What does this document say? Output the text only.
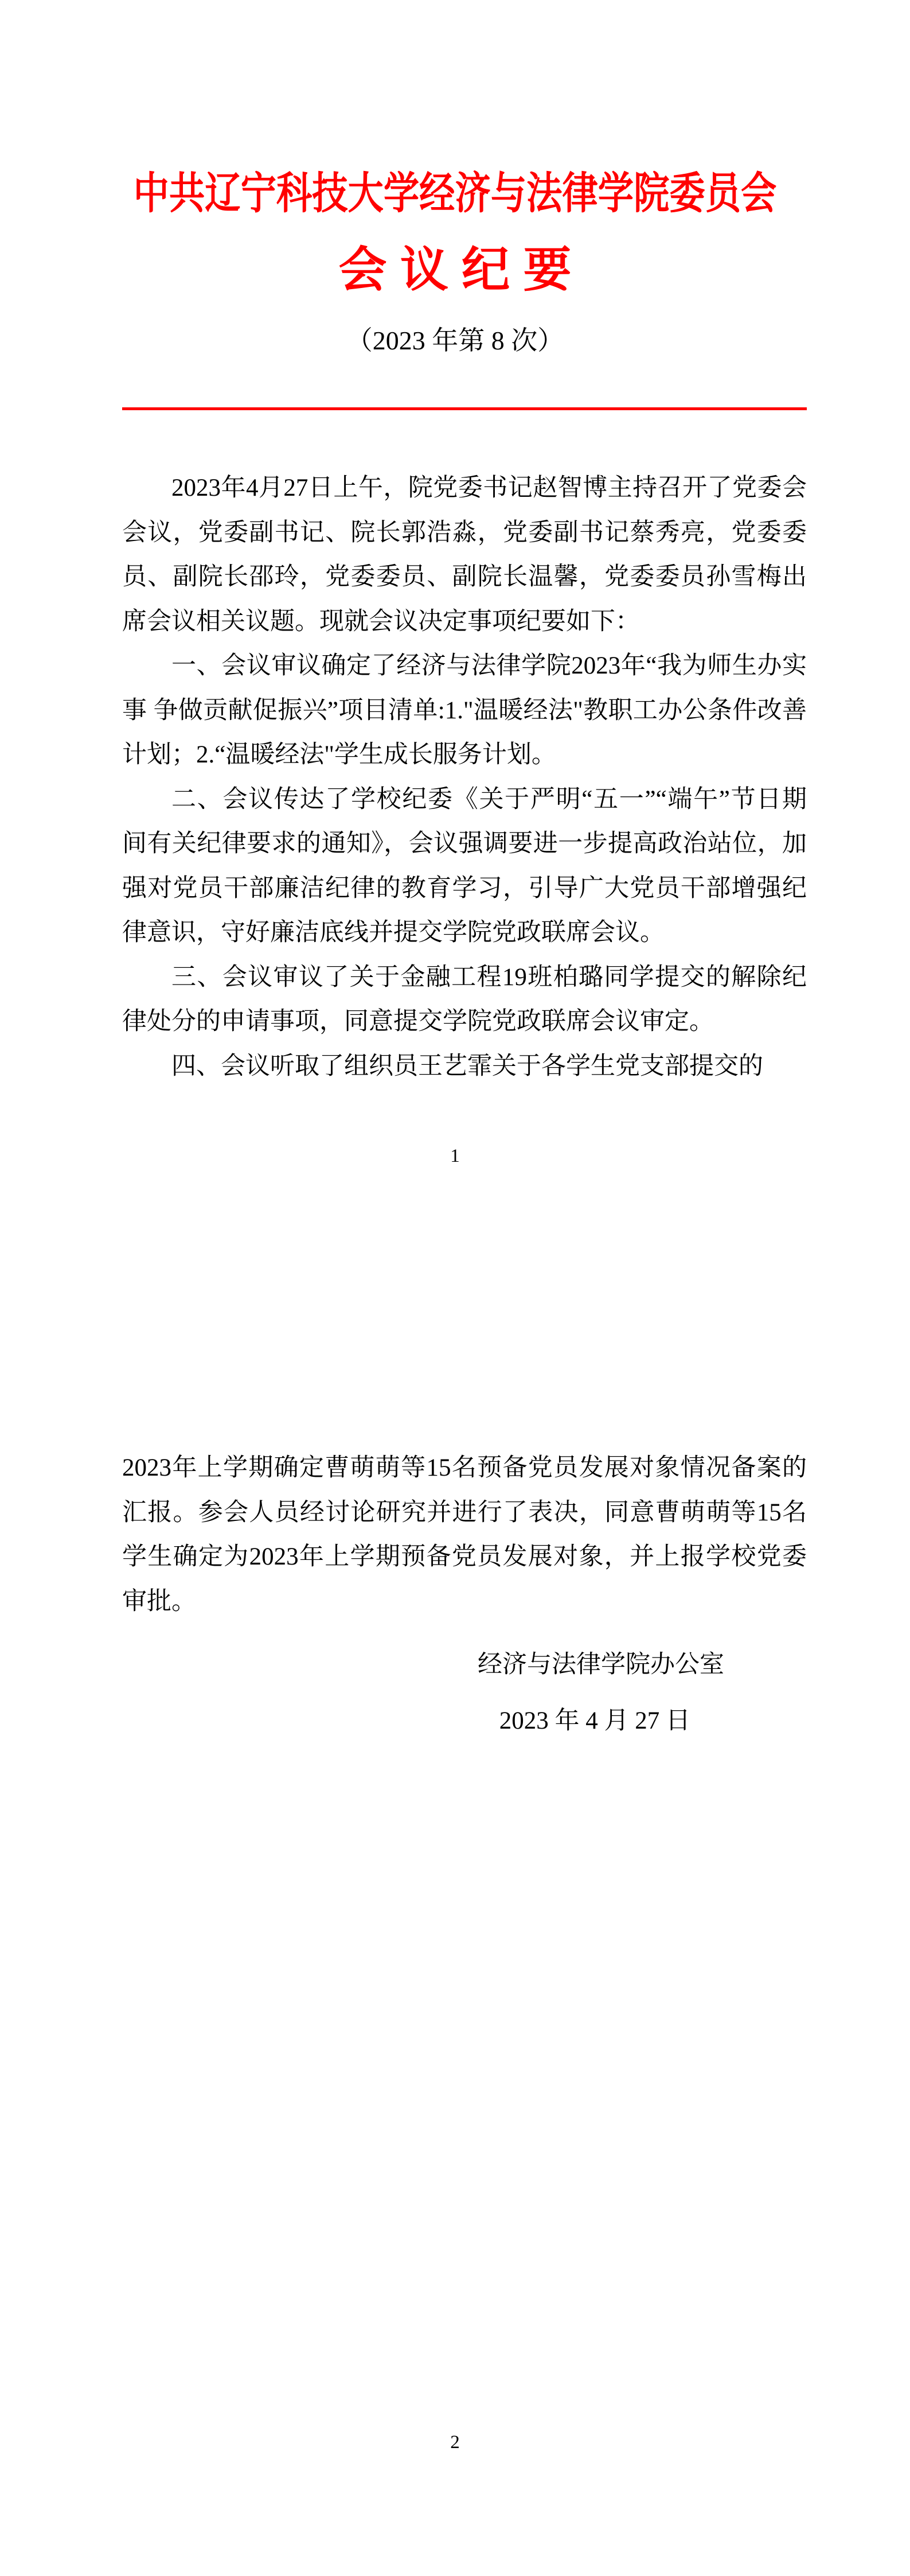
中共辽宁科技大学经济与法律学院委员会
会 议 纪 要
（2023 年第 8 次）

2023年4月27日上午，院党委书记赵智博主持召开了党委会会议，党委副书记、院长郭浩淼，党委副书记蔡秀亮，党委委员、副院长邵玲，党委委员、副院长温馨，党委委员孙雪梅出席会议相关议题。现就会议决定事项纪要如下：

一、会议审议确定了经济与法律学院2023年“我为师生办实事 争做贡献促振兴”项目清单:1."温暖经法"教职工办公条件改善计划；2.“温暖经法"学生成长服务计划。

二、会议传达了学校纪委《关于严明“五一”“端午”节日期间有关纪律要求的通知》，会议强调要进一步提高政治站位，加强对党员干部廉洁纪律的教育学习，引导广大党员干部增强纪律意识，守好廉洁底线并提交学院党政联席会议。

三、会议审议了关于金融工程19班柏璐同学提交的解除纪律处分的申请事项，同意提交学院党政联席会议审定。

四、会议听取了组织员王艺霏关于各学生党支部提交的

1

2023年上学期确定曹萌萌等15名预备党员发展对象情况备案的汇报。参会人员经讨论研究并进行了表决，同意曹萌萌等15名学生确定为2023年上学期预备党员发展对象，并上报学校党委审批。

经济与法律学院办公室
2023 年 4 月 27 日
2
